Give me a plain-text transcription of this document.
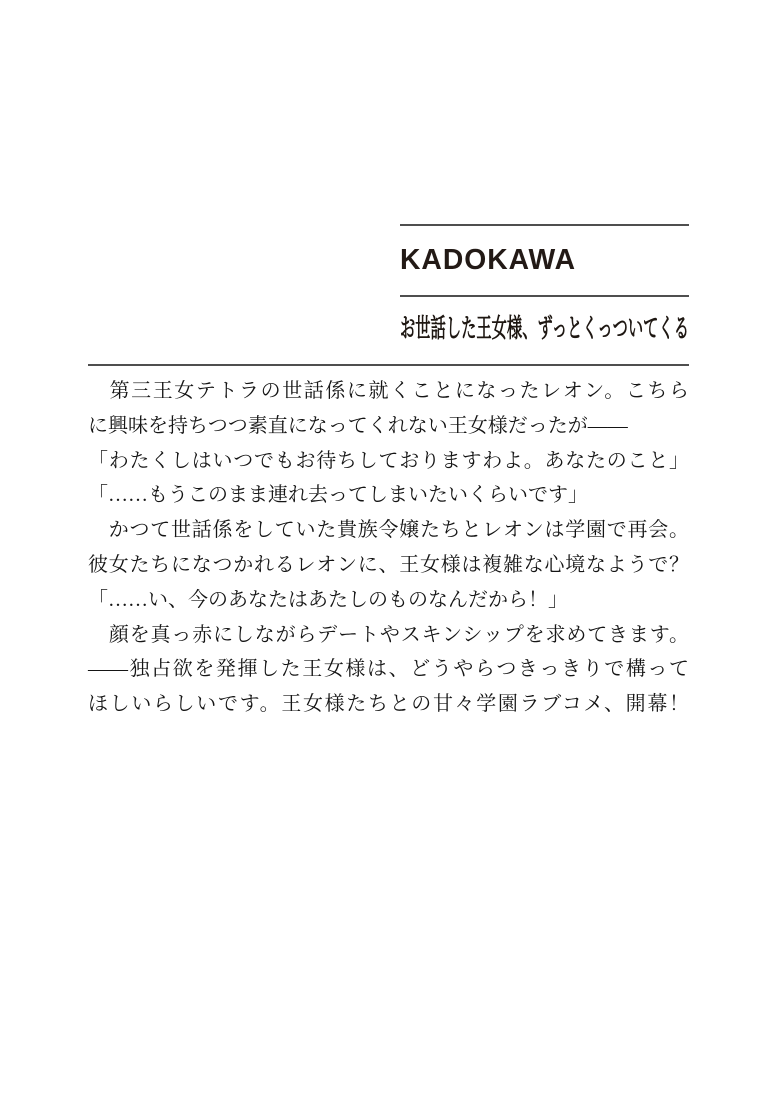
KADOKAWA
お世話した王女様、ずっとくっついてくる
　第三王女テトラの世話係に就くことになったレオン。こちら
に興味を持ちつつ素直になってくれない王女様だったが――
「わたくしはいつでもお待ちしておりますわよ。あなたのこと」
「……もうこのまま連れ去ってしまいたいくらいです」
　かつて世話係をしていた貴族令嬢たちとレオンは学園で再会。
彼女たちになつかれるレオンに、王女様は複雑な心境なようで？
「……い、今のあなたはあたしのものなんだから！」
　顔を真っ赤にしながらデートやスキンシップを求めてきます。
――独占欲を発揮した王女様は、どうやらつきっきりで構って
ほしいらしいです。王女様たちとの甘々学園ラブコメ、開幕！
